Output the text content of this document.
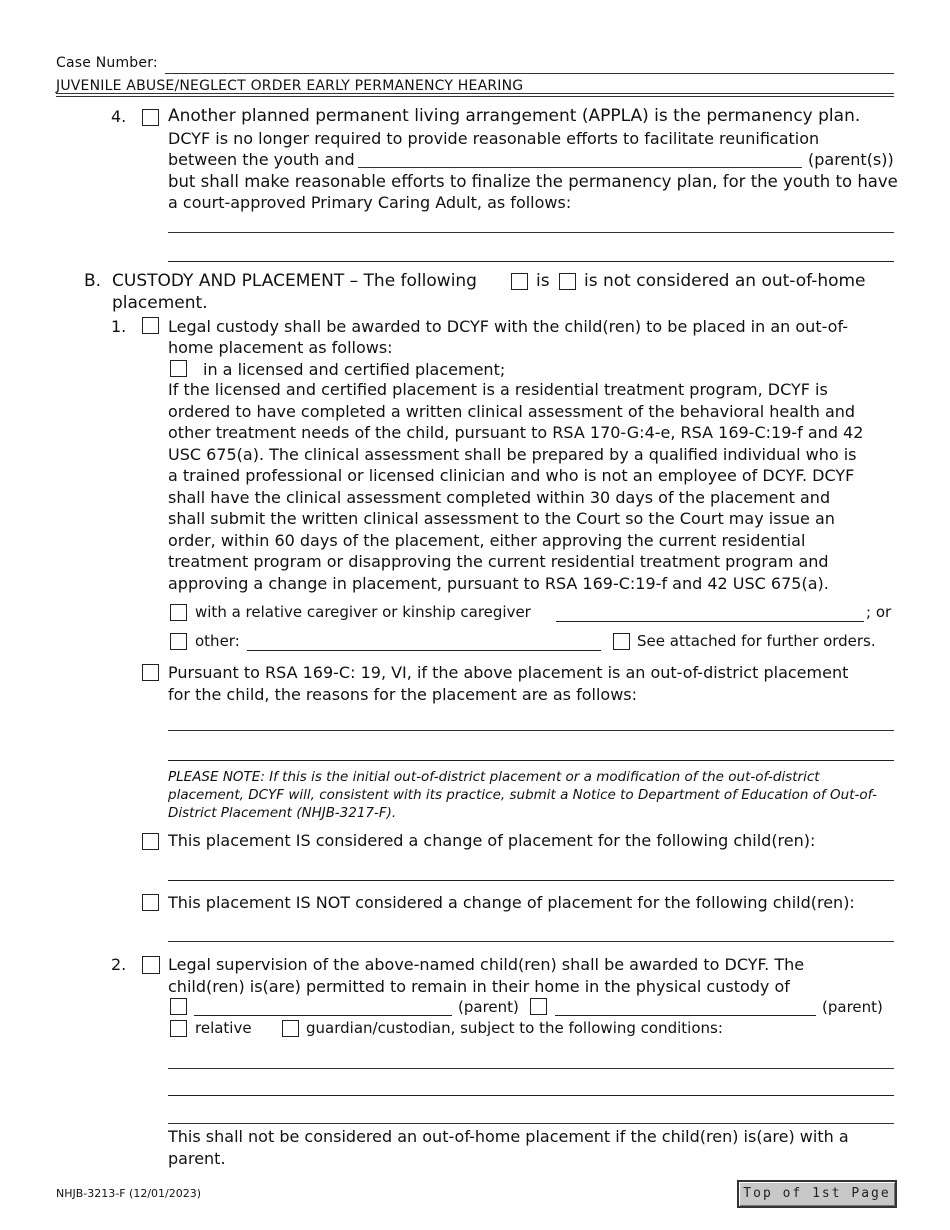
Case Number:
JUVENILE ABUSE/NEGLECT ORDER EARLY PERMANENCY HEARING
4. Another planned permanent living arrangement (APPLA) is the permanency plan.
DCYF is no longer required to provide reasonable efforts to facilitate reunification
between the youth and	(parent(s))
but shall make reasonable efforts to finalize the permanency plan, for the youth to have
a court-approved Primary Caring Adult, as follows:
B. CUSTODY AND PLACEMENT – The following	is is not considered an out-of-home
placement.
1.	Legal custody shall be awarded to DCYF with the child(ren) to be placed in an out-of-
home placement as follows:
in a licensed and certified placement;
If the licensed and certified placement is a residential treatment program, DCYF is
ordered to have completed a written clinical assessment of the behavioral health and
other treatment needs of the child, pursuant to RSA 170-G:4-e, RSA 169-C:19-f and 42
USC 675(a). The clinical assessment shall be prepared by a qualified individual who is
a trained professional or licensed clinician and who is not an employee of DCYF. DCYF
shall have the clinical assessment completed within 30 days of the placement and
shall submit the written clinical assessment to the Court so the Court may issue an
order, within 60 days of the placement, either approving the current residential
treatment program or disapproving the current residential treatment program and
approving a change in placement, pursuant to RSA 169-C:19-f and 42 USC 675(a).
with a relative caregiver or kinship caregiver	; or
other:	See attached for further orders.
Pursuant to RSA 169-C: 19, VI, if the above placement is an out-of-district placement
for the child, the reasons for the placement are as follows:
PLEASE NOTE: If this is the initial out-of-district placement or a modification of the out-of-district
placement, DCYF will, consistent with its practice, submit a Notice to Department of Education of Out-of-
District Placement (NHJB-3217-F).
This placement IS considered a change of placement for the following child(ren):
This placement IS NOT considered a change of placement for the following child(ren):
2.	Legal supervision of the above-named child(ren) shall be awarded to DCYF. The
child(ren) is(are) permitted to remain in their home in the physical custody of
(parent)	(parent)
relative	guardian/custodian, subject to the following conditions:
This shall not be considered an out-of-home placement if the child(ren) is(are) with a
parent.
NHJB-3213-F (12/01/2023)	Top of 1st Page
